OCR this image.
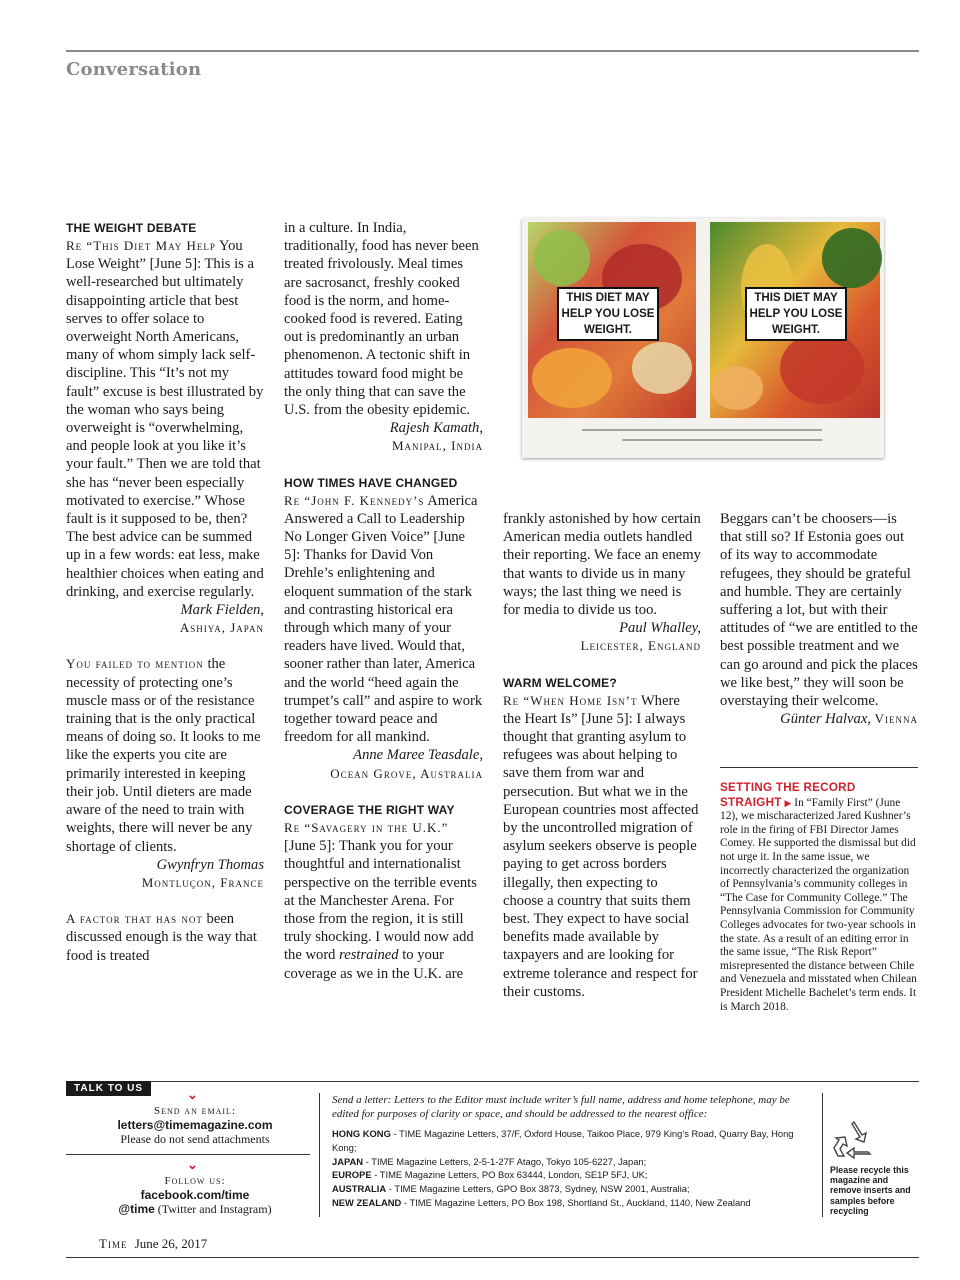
Conversation
THE WEIGHT DEBATE

Re “This Diet May Help You Lose Weight” [June 5]: This is a well-researched but ultimately disappointing article that best serves to offer solace to overweight North Americans, many of whom simply lack self-discipline. This “It’s not my fault” excuse is best illustrated by the woman who says being overweight is “overwhelming, and people look at you like it’s your fault.” Then we are told that she has “never been especially motivated to exercise.” Whose fault is it supposed to be, then? The best advice can be summed up in a few words: eat less, make healthier choices when eating and drinking, and exercise regularly.

Mark Fielden,

Ashiya, Japan

You failed to mention the necessity of protecting one’s muscle mass or of the resistance training that is the only practical means of doing so. It looks to me like the experts you cite are primarily interested in keeping their job. Until dieters are made aware of the need to train with weights, there will never be any shortage of clients.

Gwynfryn Thomas

Montluçon, France

A factor that has not been discussed enough is the way that food is treated

in a culture. In India, traditionally, food has never been treated frivolously. Meal times are sacrosanct, freshly cooked food is the norm, and home-cooked food is revered. Eating out is predominantly an urban phenomenon. A tectonic shift in attitudes toward food might be the only thing that can save the U.S. from the obesity epidemic.

Rajesh Kamath,

Manipal, India

HOW TIMES HAVE CHANGED

Re “John F. Kennedy’s America Answered a Call to Leadership No Longer Given Voice” [June 5]: Thanks for David Von Drehle’s enlightening and eloquent summation of the stark and contrasting historical era through which many of your readers have lived. Would that, sooner rather than later, America and the world “heed again the trumpet’s call” and aspire to work together toward peace and freedom for all mankind.

Anne Maree Teasdale,

Ocean Grove, Australia

COVERAGE THE RIGHT WAY

Re “Savagery in the U.K.” [June 5]: Thank you for your thoughtful and internationalist perspective on the terrible events at the Manchester Arena. For those from the region, it is still truly shocking. I would now add the word restrained to your coverage as we in the U.K. are

THIS DIET MAY HELP YOU LOSE WEIGHT.
THIS DIET MAY HELP YOU LOSE WEIGHT.

frankly astonished by how certain American media outlets handled their reporting. We face an enemy that wants to divide us in many ways; the last thing we need is for media to divide us too.

Paul Whalley,

Leicester, England

WARM WELCOME?

Re “When Home Isn’t Where the Heart Is” [June 5]: I always thought that granting asylum to refugees was about helping to save them from war and persecution. But what we in the European countries most affected by the uncontrolled migration of asylum seekers observe is people paying to get across borders illegally, then expecting to choose a country that suits them best. They expect to have social benefits made available by taxpayers and are looking for extreme tolerance and respect for their customs.

Beggars can’t be choosers—is that still so? If Estonia goes out of its way to accommodate refugees, they should be grateful and humble. They are certainly suffering a lot, but with their attitudes of “we are entitled to the best possible treatment and we can go around and pick the places we like best,” they will soon be overstaying their welcome.

Günter Halvax, Vienna

SETTING THE RECORD
STRAIGHT ▶ In “Family First” (June 12), we mischaracterized Jared Kushner’s role in the firing of FBI Director James Comey. He supported the dismissal but did not urge it. In the same issue, we incorrectly characterized the organization of Pennsylvania’s community colleges in “The Case for Community College.” The Pennsylvania Commission for Community Colleges advocates for two-year schools in the state. As a result of an editing error in the same issue, “The Risk Report” misrepresented the distance between Chile and Venezuela and misstated when Chilean President Michelle Bachelet’s term ends. It is March 2018.
TALK TO US	⌄
Send an email:
letters@timemagazine.com
Please do not send attachments
⌄
Follow us:
facebook.com/time
@time (Twitter and Instagram)
Send a letter: Letters to the Editor must include writer’s full name, address and home telephone, may be edited for purposes of clarity or space, and should be addressed to the nearest office:
HONG KONG - TIME Magazine Letters, 37/F, Oxford House, Taikoo Place, 979 King’s Road, Quarry Bay, Hong Kong;
JAPAN - TIME Magazine Letters, 2-5-1-27F Atago, Tokyo 105-6227, Japan;
EUROPE - TIME Magazine Letters, PO Box 63444, London, SE1P 5FJ, UK;
AUSTRALIA - TIME Magazine Letters, GPO Box 3873, Sydney, NSW 2001, Australia;
NEW ZEALAND - TIME Magazine Letters, PO Box 198, Shortland St., Auckland, 1140, New Zealand
Please recycle this magazine and remove inserts and samples before recycling
Time June 26, 2017
